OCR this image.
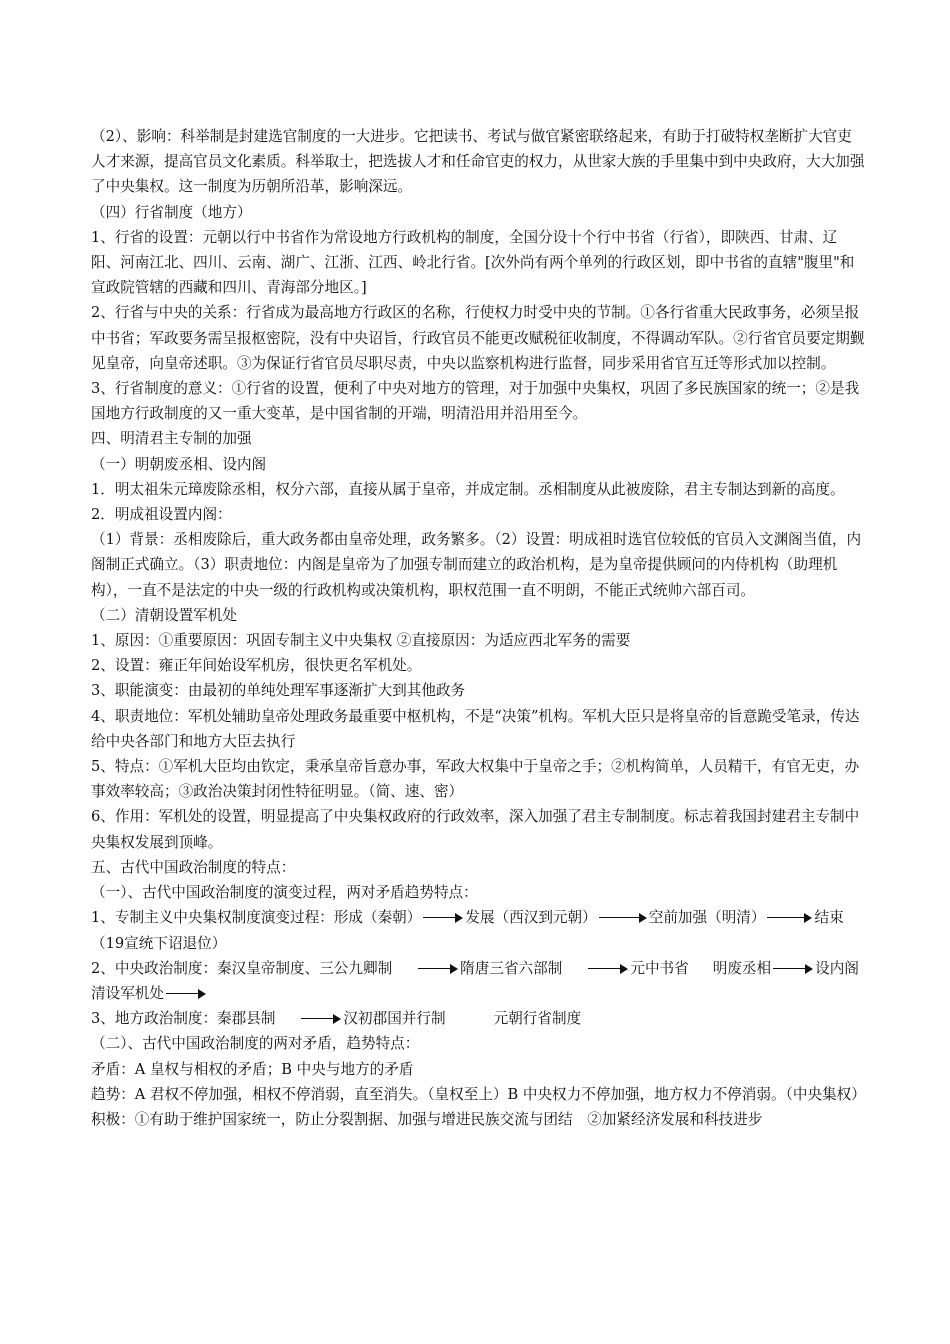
（2）、影响：科举制是封建选官制度的一大进步。它把读书、考试与做官紧密联络起来，有助于打破特权垄断扩大官吏人才来源，提高官员文化素质。科举取士，把选拔人才和任命官吏的权力，从世家大族的手里集中到中央政府，大大加强了中央集权。这一制度为历朝所沿革，影响深远。

（四）行省制度（地方）

1、行省的设置：元朝以行中书省作为常设地方行政机构的制度，全国分设十个行中书省（行省），即陕西、甘肃、辽阳、河南江北、四川、云南、湖广、江浙、江西、岭北行省。[次外尚有两个单列的行政区划，即中书省的直辖"腹里"和宣政院管辖的西藏和四川、青海部分地区。]

2、行省与中央的关系：行省成为最高地方行政区的名称，行使权力时受中央的节制。①各行省重大民政事务，必须呈报中书省；军政要务需呈报枢密院，没有中央诏旨，行政官员不能更改赋税征收制度，不得调动军队。②行省官员要定期觐见皇帝，向皇帝述职。③为保证行省官员尽职尽责，中央以监察机构进行监督，同步采用省官互迁等形式加以控制。

3、行省制度的意义：①行省的设置，便利了中央对地方的管理，对于加强中央集权，巩固了多民族国家的统一；②是我国地方行政制度的又一重大变革，是中国省制的开端，明清沿用并沿用至今。

四、明清君主专制的加强

（一）明朝废丞相、设内阁

1．明太祖朱元璋废除丞相，权分六部，直接从属于皇帝，并成定制。丞相制度从此被废除，君主专制达到新的高度。

2．明成祖设置内阁：

（1）背景：丞相废除后，重大政务都由皇帝处理，政务繁多。（2）设置：明成祖时选官位较低的官员入文渊阁当值，内阁制正式确立。（3）职责地位：内阁是皇帝为了加强专制而建立的政治机构，是为皇帝提供顾问的内侍机构（助理机构），一直不是法定的中央一级的行政机构或决策机构，职权范围一直不明朗，不能正式统帅六部百司。

（二）清朝设置军机处

1、原因：①重要原因：巩固专制主义中央集权 ②直接原因：为适应西北军务的需要

2、设置：雍正年间始设军机房，很快更名军机处。

3、职能演变：由最初的单纯处理军事逐渐扩大到其他政务

4、职责地位：军机处辅助皇帝处理政务最重要中枢机构，不是“决策”机构。军机大臣只是将皇帝的旨意跪受笔录，传达给中央各部门和地方大臣去执行

5、特点：①军机大臣均由钦定，秉承皇帝旨意办事，军政大权集中于皇帝之手；②机构简单，人员精干，有官无吏，办事效率较高；③政治决策封闭性特征明显。（简、速、密）

6、作用：军机处的设置，明显提高了中央集权政府的行政效率，深入加强了君主专制制度。标志着我国封建君主专制中央集权发展到顶峰。

五、古代中国政治制度的特点：

（一）、古代中国政治制度的演变过程，两对矛盾趋势特点：

1、专制主义中央集权制度演变过程：形成（秦朝）	发展（西汉到元朝）	空前加强（明清）	结束（19宣统下诏退位）

2、中央政治制度：秦汉皇帝制度、三公九卿制	隋唐三省六部制	元中书省 明废丞相	设内阁
清设军机处

3、地方政治制度：秦郡县制	汉初郡国并行制	元朝行省制度

（二）、古代中国政治制度的两对矛盾，趋势特点：

矛盾：A 皇权与相权的矛盾；B 中央与地方的矛盾

趋势：A 君权不停加强，相权不停消弱，直至消失。（皇权至上）B 中央权力不停加强，地方权力不停消弱。（中央集权）

积极：①有助于维护国家统一，防止分裂割据、加强与增进民族交流与团结　②加紧经济发展和科技进步
